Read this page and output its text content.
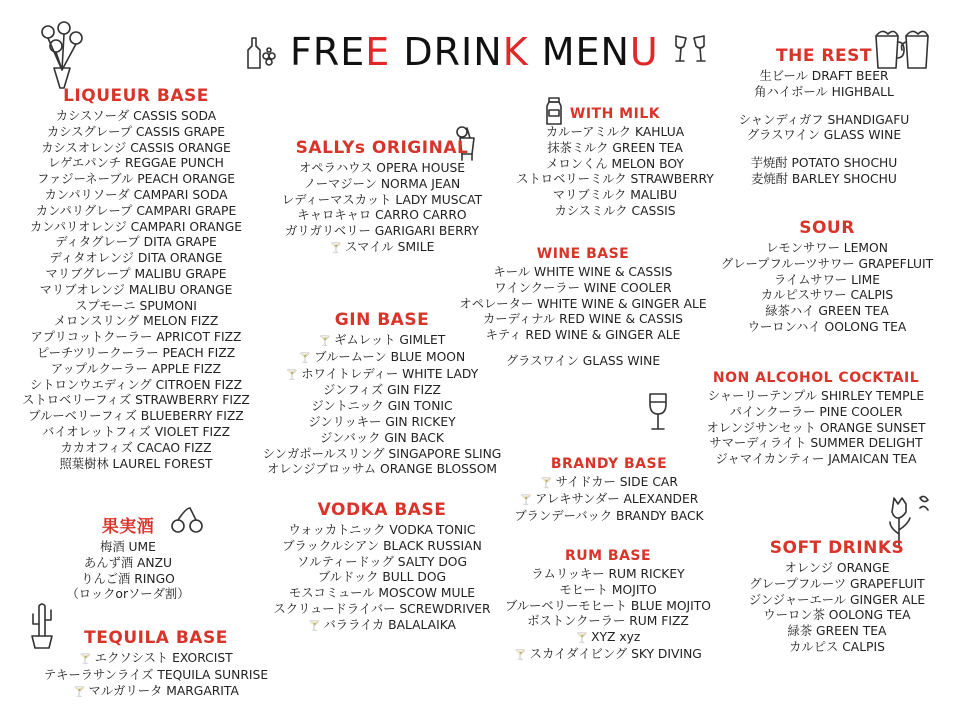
FREE DRINK MENU
LIQUEUR BASE
カシスソーダ CASSIS SODA
カシスグレープ CASSIS GRAPE
カシスオレンジ CASSIS ORANGE
レゲエパンチ REGGAE PUNCH
ファジーネーブル PEACH ORANGE
カンパリソーダ CAMPARI SODA
カンパリグレープ CAMPARI GRAPE
カンパリオレンジ CAMPARI ORANGE
ディタグレープ DITA GRAPE
ディタオレンジ DITA ORANGE
マリブグレープ MALIBU GRAPE
マリブオレンジ MALIBU ORANGE
スプモーニ SPUMONI
メロンスリング MELON FIZZ
アプリコットクーラー APRICOT FIZZ
ピーチツリークーラー PEACH FIZZ
アップルクーラー APPLE FIZZ
シトロンウエディング CITROEN FIZZ
ストロベリーフィズ STRAWBERRY FIZZ
ブルーベリーフィズ BLUEBERRY FIZZ
バイオレットフィズ VIOLET FIZZ
カカオフィズ CACAO FIZZ
照葉樹林 LAUREL FOREST
果実酒
梅酒 UME
あんず酒 ANZU
りんご酒 RINGO
（ロックorソーダ割）
TEQUILA BASE
🍸 エクソシスト EXORCIST
テキーラサンライズ TEQUILA SUNRISE
🍸 マルガリータ MARGARITA
SALLYs ORIGINAL
オペラハウス OPERA HOUSE
ノーマジーン NORMA JEAN
レディーマスカット LADY MUSCAT
キャロキャロ CARRO CARRO
ガリガリベリー GARIGARI BERRY
🍸 スマイル SMILE
GIN BASE
🍸 ギムレット GIMLET
🍸 ブルームーン BLUE MOON
🍸 ホワイトレディー WHITE LADY
ジンフィズ GIN FIZZ
ジントニック GIN TONIC
ジンリッキー GIN RICKEY
ジンバック GIN BACK
シンガポールスリング SINGAPORE SLING
オレンジブロッサム ORANGE BLOSSOM
VODKA BASE
ウォッカトニック VODKA TONIC
ブラックルシアン BLACK RUSSIAN
ソルティードッグ SALTY DOG
ブルドック BULL DOG
モスコミュール MOSCOW MULE
スクリュードライバー SCREWDRIVER
🍸 バラライカ BALALAIKA
WITH MILK
カルーアミルク KAHLUA
抹茶ミルク GREEN TEA
メロンくん MELON BOY
ストロベリーミルク STRAWBERRY
マリブミルク MALIBU
カシスミルク CASSIS
WINE BASE
キール WHITE WINE & CASSIS
ワインクーラー WINE COOLER
オペレーター WHITE WINE & GINGER ALE
カーディナル RED WINE & CASSIS
キティ RED WINE & GINGER ALE
グラスワイン GLASS WINE
BRANDY BASE
🍸 サイドカー SIDE CAR
🍸 アレキサンダー ALEXANDER
ブランデーバック BRANDY BACK
RUM BASE
ラムリッキー RUM RICKEY
モヒート MOJITO
ブルーベリーモヒート BLUE MOJITO
ボストンクーラー RUM FIZZ
🍸 XYZ xyz
🍸 スカイダイビング SKY DIVING
THE REST
生ビール DRAFT BEER
角ハイボール HIGHBALL
シャンディガフ SHANDIGAFU
グラスワイン GLASS WINE
芋焼酎 POTATO SHOCHU
麦焼酎 BARLEY SHOCHU
SOUR
レモンサワー LEMON
グレープフルーツサワー GRAPEFLUIT
ライムサワー LIME
カルピスサワー CALPIS
緑茶ハイ GREEN TEA
ウーロンハイ OOLONG TEA
NON ALCOHOL COCKTAIL
シャーリーテンプル SHIRLEY TEMPLE
パインクーラー PINE COOLER
オレンジサンセット ORANGE SUNSET
サマーディライト SUMMER DELIGHT
ジャマイカンティー JAMAICAN TEA
SOFT DRINKS
オレンジ ORANGE
グレープフルーツ GRAPEFLUIT
ジンジャーエール GINGER ALE
ウーロン茶 OOLONG TEA
緑茶 GREEN TEA
カルピス CALPIS
